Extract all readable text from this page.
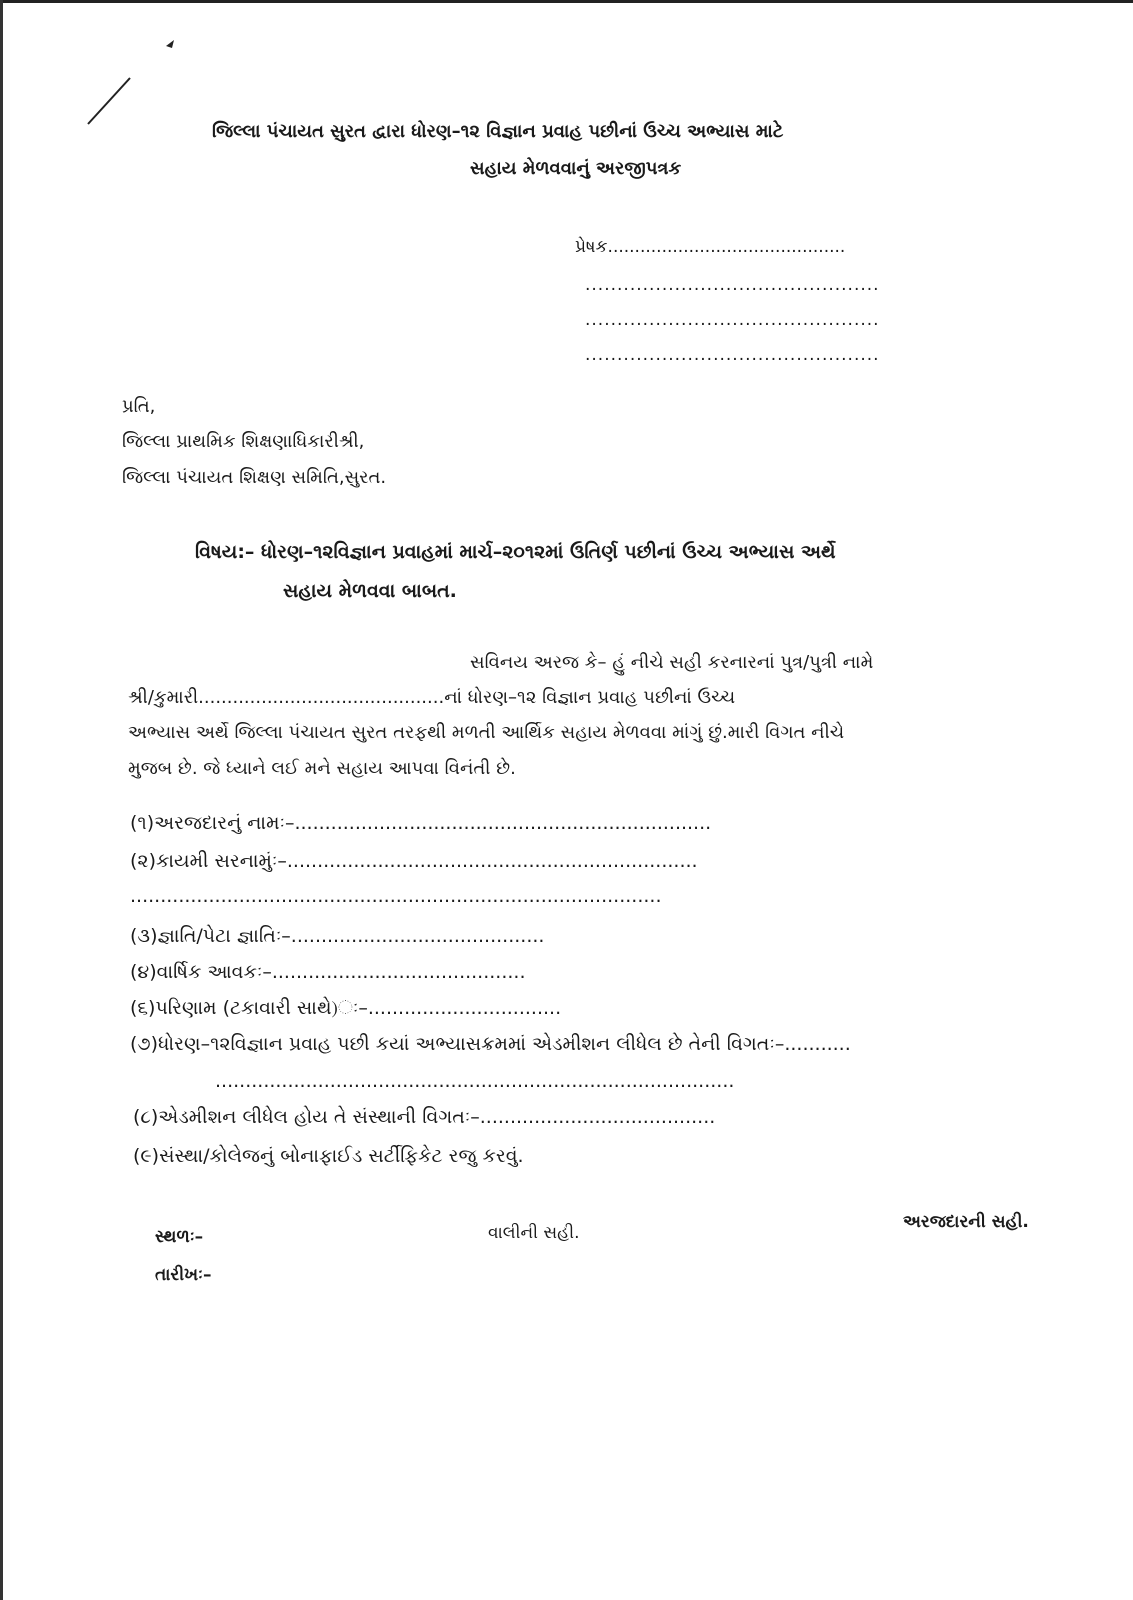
જિલ્લા પંચાયત સુરત દ્વારા ધોરણ–૧૨ વિજ્ઞાન પ્રવાહ પછીનાં ઉચ્ચ અભ્યાસ માટે
સહાય મેળવવાનું અરજીપત્રક
પ્રેષક............................................
..............................................
..............................................
..............................................
પ્રતિ,
જિલ્લા પ્રાથમિક શિક્ષણાધિકારીશ્રી,
જિલ્લા પંચાયત શિક્ષણ સમિતિ,સુરત.
વિષય:– ધોરણ–૧૨વિજ્ઞાન પ્રવાહમાં માર્ચ–૨૦૧૨માં ઉતિર્ણ પછીનાં ઉચ્ચ અભ્યાસ અર્થે
સહાય મેળવવા બાબત.
સવિનય અરજ કે– હું નીચે સહી કરનારનાં પુત્ર/પુત્રી નામે
શ્રી/કુમારી...........................................નાં ધોરણ–૧૨ વિજ્ઞાન પ્રવાહ પછીનાં ઉચ્ચ
અભ્યાસ અર્થે જિલ્લા પંચાયત સુરત તરફથી મળતી આર્થિક સહાય મેળવવા માંગું છું.મારી વિગત નીચે
મુજબ છે. જે ધ્યાને લઈ મને સહાય આપવા વિનંતી છે.
(૧)અરજદારનું નામઃ–.....................................................................
(૨)કાયમી સરનામુંઃ–....................................................................
........................................................................................
(૩)જ્ઞાતિ/પેટા જ્ઞાતિઃ–..........................................
(૪)વાર્ષિક આવકઃ–..........................................
(૬)પરિણામ (ટકાવારી સાથે)ઃ–................................
(૭)ધોરણ–૧૨વિજ્ઞાન પ્રવાહ પછી કયાં અભ્યાસક્રમમાં એડમીશન લીધેલ છે તેની વિગતઃ–...........
......................................................................................
(૮)એડમીશન લીધેલ હોય તે સંસ્થાની વિગતઃ–.......................................
(૯)સંસ્થા/કોલેજનું બોનાફાઈડ સર્ટીફિકેટ રજુ કરવું.
સ્થળઃ–
તારીખઃ–
વાલીની સહી.
અરજદારની સહી.
